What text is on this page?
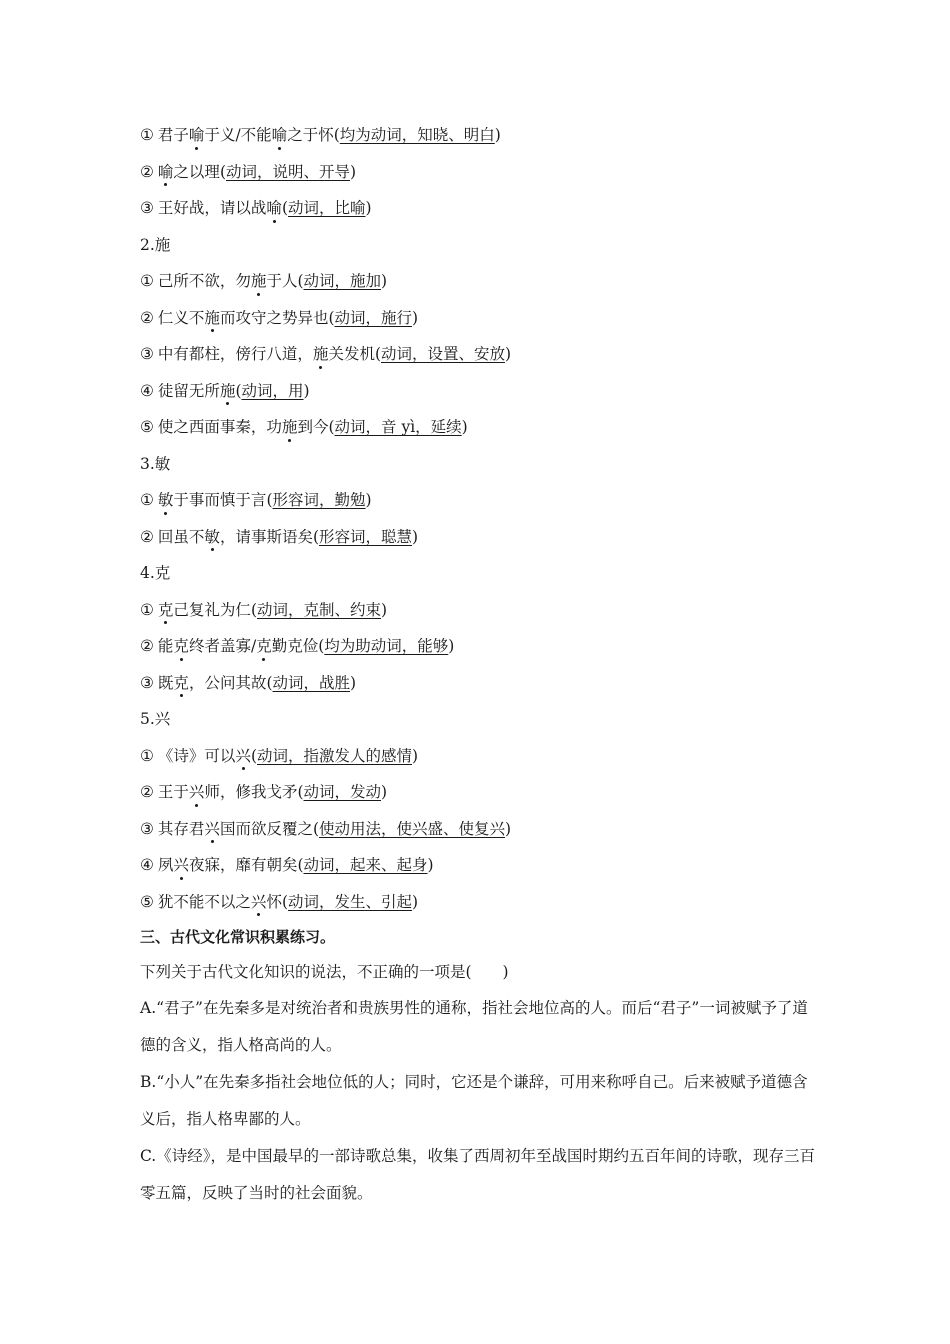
① 君子喻于义/不能喻之于怀(均为动词，知晓、明白)
② 喻之以理(动词，说明、开导)
③ 王好战，请以战喻(动词，比喻)
2.施
① 己所不欲，勿施于人(动词，施加)
② 仁义不施而攻守之势异也(动词，施行)
③ 中有都柱，傍行八道，施关发机(动词，设置、安放)
④ 徒留无所施(动词，用)
⑤ 使之西面事秦，功施到今(动词，音 yì，延续)
3.敏
① 敏于事而慎于言(形容词，勤勉)
② 回虽不敏，请事斯语矣(形容词，聪慧)
4.克
① 克己复礼为仁(动词，克制、约束)
② 能克终者盖寡/克勤克俭(均为助动词，能够)
③ 既克，公问其故(动词，战胜)
5.兴
① 《诗》可以兴(动词，指激发人的感情)
② 王于兴师，修我戈矛(动词，发动)
③ 其存君兴国而欲反覆之(使动用法，使兴盛、使复兴)
④ 夙兴夜寐，靡有朝矣(动词，起来、起身)
⑤ 犹不能不以之兴怀(动词，发生、引起)
三、古代文化常识积累练习。
下列关于古代文化知识的说法，不正确的一项是(　　)
A.“君子”在先秦多是对统治者和贵族男性的通称，指社会地位高的人。而后“君子”一词被赋予了道德的含义，指人格高尚的人。
B.“小人”在先秦多指社会地位低的人；同时，它还是个谦辞，可用来称呼自己。后来被赋予道德含义后，指人格卑鄙的人。
C.《诗经》，是中国最早的一部诗歌总集，收集了西周初年至战国时期约五百年间的诗歌，现存三百零五篇，反映了当时的社会面貌。
